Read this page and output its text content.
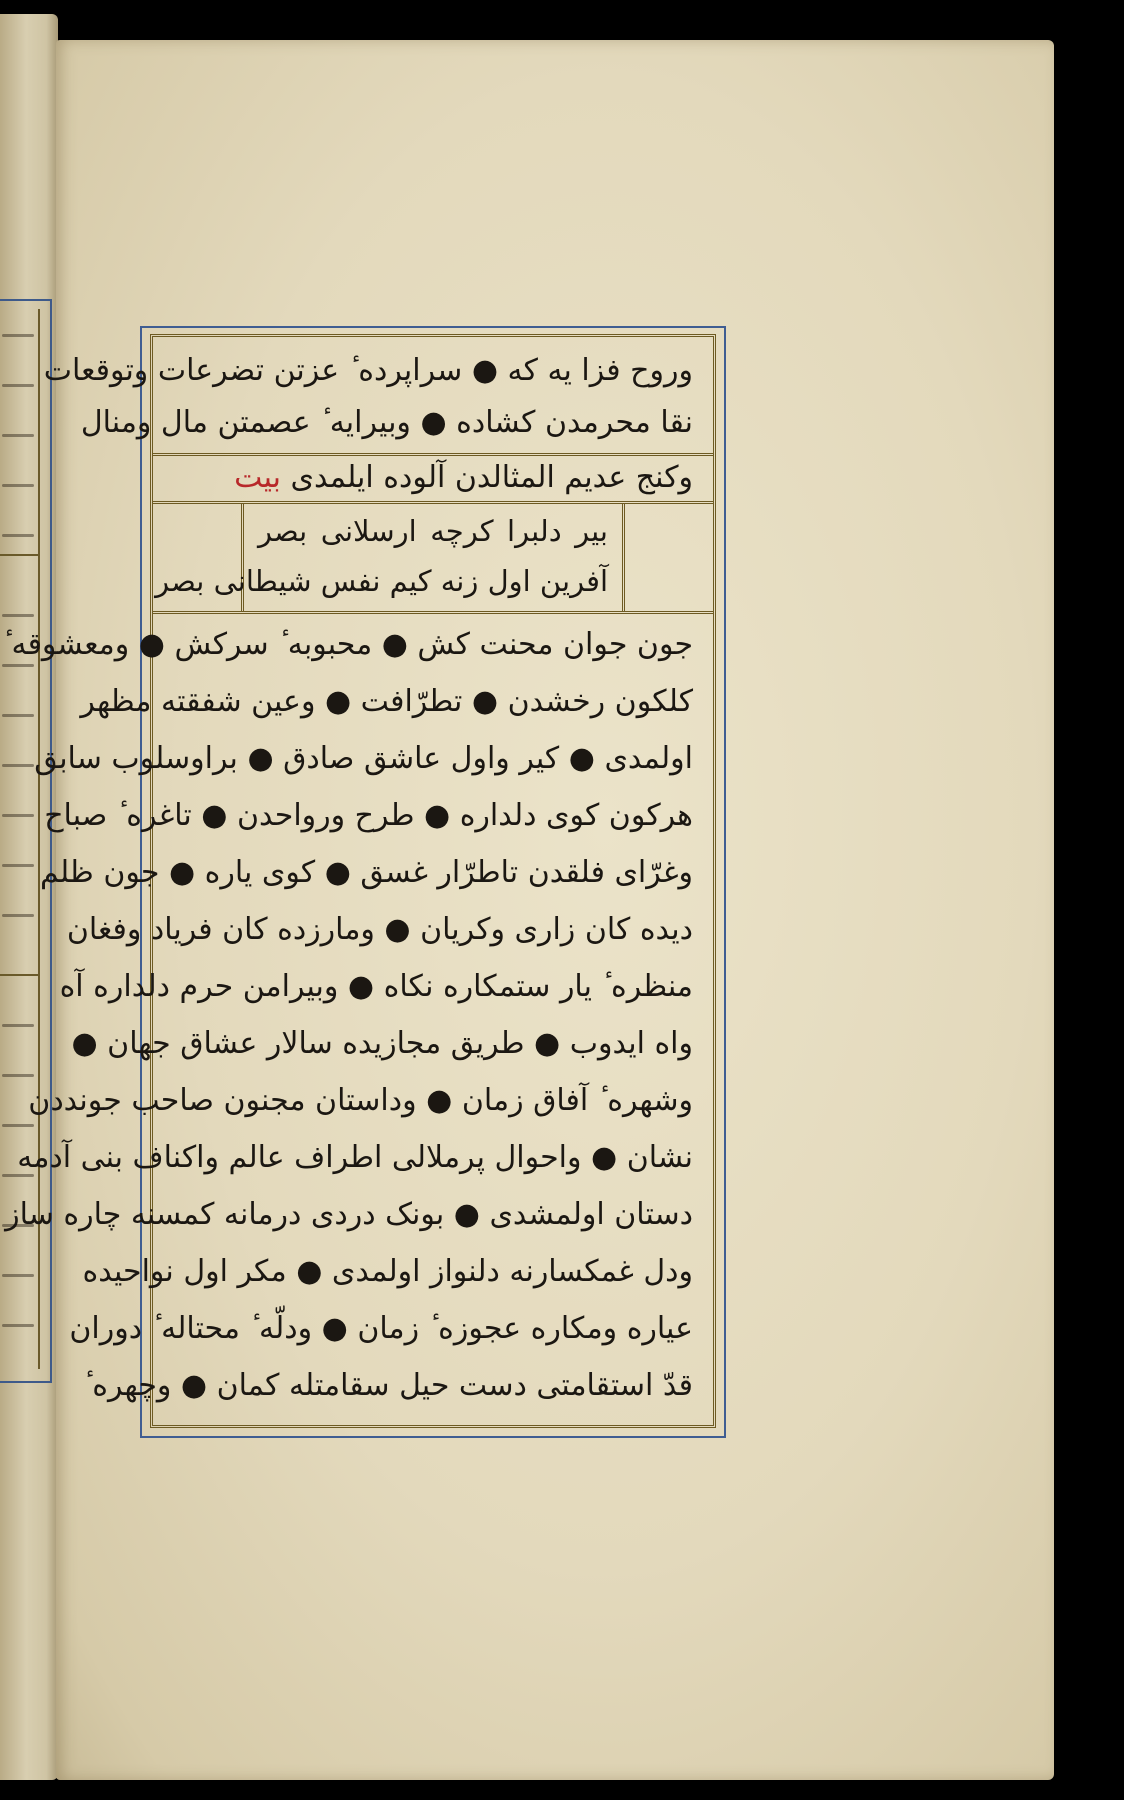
وروح فزا یه که ● سراپرده ٔ عزتن تضرعات وتوقعات
نقا محرمدن کشاده ● وبیرایه ٔ عصمتن مال ومنال
وکنج عدیم المثالدن آلوده ایلمدی بیت
بیر دلبرا کرچه ارسلانی بصر
آفرین اول زنه کیم نفس شیطانی بصر
جون جوان محنت کش ● محبوبه ٔ سرکش ● ومعشوقه ٔ
کلکون رخشدن ● تطرّافت ● وعین شفقته مظهر
اولمدی ● کیر واول عاشق صادق ● براوسلوب سابق
هرکون کوی دلداره ● طرح ورواحدن ● تاغره ٔ صباح
وغرّای فلقدن تاطرّار غسق ● کوی یاره ● جون ظلم
دیده کان زاری وکریان ● ومارزده کان فریاد وفغان
منظره ٔ یار ستمکاره نکاه ● وبیرامن حرم دلداره آه
واه ایدوب ● طریق مجازیده سالار عشاق جهان ●
وشهره ٔ آفاق زمان ● وداستان مجنون صاحب جونددن
نشان ● واحوال پرملالی اطراف عالم واکناف بنی آدمه
دستان اولمشدی ● بونک دردی درمانه کمسنه چاره ساز
ودل غمکسارنه دلنواز اولمدی ● مکر اول نواحیده
عیاره ومکاره عجوزه ٔ زمان ● ودلّه ٔ محتاله ٔ دوران
قدّ استقامتی دست حیل سقامتله کمان ● وچهره ٔ
